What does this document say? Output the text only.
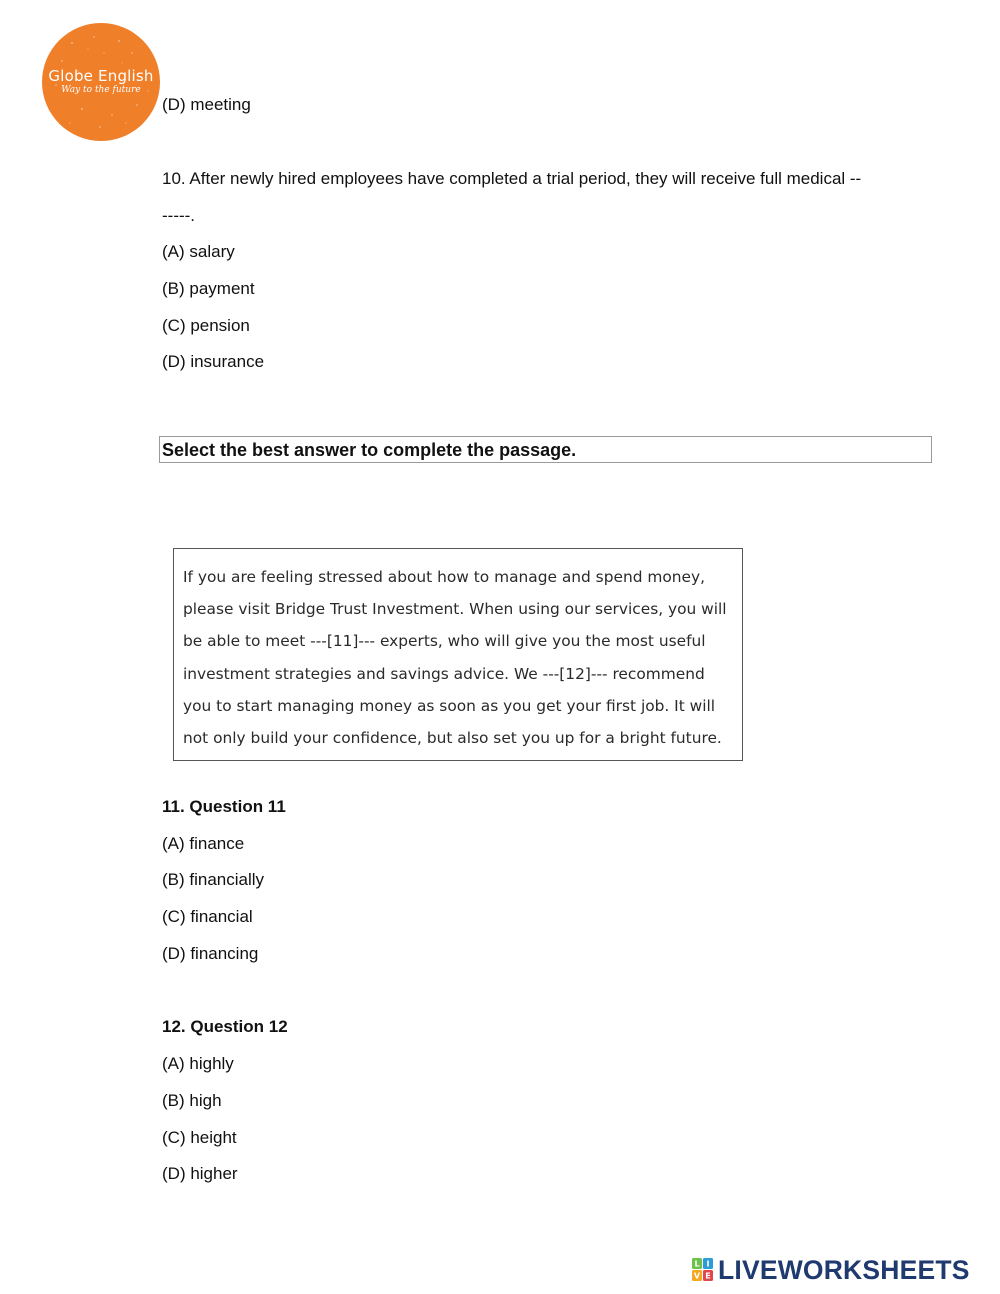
Globe English
Way to the future

(D) meeting

10. After newly hired employees have completed a trial period, they will receive full medical --

-----.

(A) salary

(B) payment

(C) pension

(D) insurance

Select the best answer to complete the passage.
If you are feeling stressed about how to manage and spend money,
please visit Bridge Trust Investment. When using our services, you will
be able to meet ---[11]--- experts, who will give you the most useful
investment strategies and savings advice. We ---[12]--- recommend
you to start managing money as soon as you get your first job. It will
not only build your confidence, but also set you up for a bright future.

11. Question 11

(A) finance

(B) financially

(C) financial

(D) financing

12. Question 12

(A) highly

(B) high

(C) height

(D) higher

L I
V E LIVEWORKSHEETS
